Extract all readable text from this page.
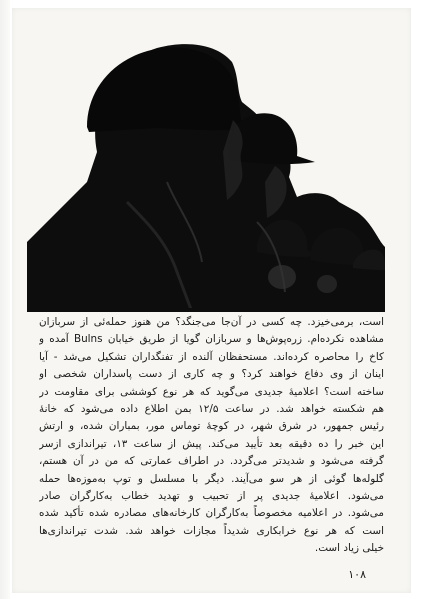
است، برمی‌خیزد. چه کسی در آن‌جا می‌جنگد؟ من هنوز حمله‌ئی از سربازان
مشاهده نکرده‌ام. زره‌پوش‌ها و سربازان گویا از طریق خیابان Bulns آمده و
کاخ را محاصره کرده‌اند. مستحفظان آلنده از تفنگداران تشکیل می‌شد - آیا
اینان از وی دفاع خواهند کرد؟ و چه کاری از دست پاسداران شخصی او
ساخته است؟ اعلامیهٔ جدیدی می‌گوید که هر نوع کوششی برای مقاومت در
هم شکسته خواهد شد. در ساعت ۱۲/۵ بمن اطلاع داده می‌شود که خانهٔ
رئیس جمهور، در شرق شهر، در کوچهٔ توماس مور، بمباران شده، و ارتش
این خبر را ده دقیقه بعد تأیید می‌کند. پیش از ساعت ۱۳، تیراندازی ازسر
گرفته می‌شود و شدیدتر می‌گردد. در اطراف عمارتی که من در آن هستم،
گلوله‌ها گوئی از هر سو می‌آیند. دیگر با مسلسل و توپ به‌موزه‌ها حمله
می‌شود. اعلامیهٔ جدیدی پر از تحبیب و تهدید خطاب به‌کارگران صادر
می‌شود. در اعلامیه مخصوصاً به‌کارگران کارخانه‌های مصادره شده تأکید شده
است که هر نوع خرابکاری شدیداً مجازات خواهد شد. شدت تیراندازی‌ها
خیلی زیاد است.
۱۰۸
